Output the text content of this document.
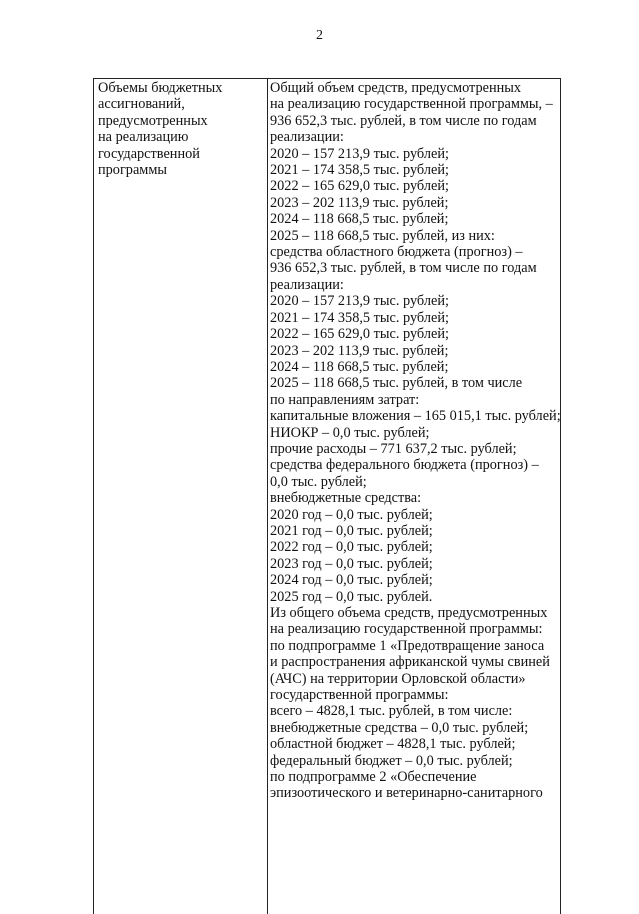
2
Объемы бюджетных
ассигнований,
предусмотренных
на реализацию
государственной
программы
Общий объем средств, предусмотренных
на реализацию государственной программы, –
936 652,3 тыс. рублей, в том числе по годам
реализации:
2020 – 157 213,9 тыс. рублей;
2021 – 174 358,5 тыс. рублей;
2022 – 165 629,0 тыс. рублей;
2023 – 202 113,9 тыс. рублей;
2024 – 118 668,5 тыс. рублей;
2025 – 118 668,5 тыс. рублей, из них:
средства областного бюджета (прогноз) –
936 652,3 тыс. рублей, в том числе по годам
реализации:
2020 – 157 213,9 тыс. рублей;
2021 – 174 358,5 тыс. рублей;
2022 – 165 629,0 тыс. рублей;
2023 – 202 113,9 тыс. рублей;
2024 – 118 668,5 тыс. рублей;
2025 – 118 668,5 тыс. рублей, в том числе
по направлениям затрат:
капитальные вложения – 165 015,1 тыс. рублей;
НИОКР – 0,0 тыс. рублей;
прочие расходы – 771 637,2 тыс. рублей;
средства федерального бюджета (прогноз) –
0,0 тыс. рублей;
внебюджетные средства:
2020 год – 0,0 тыс. рублей;
2021 год – 0,0 тыс. рублей;
2022 год – 0,0 тыс. рублей;
2023 год – 0,0 тыс. рублей;
2024 год – 0,0 тыс. рублей;
2025 год – 0,0 тыс. рублей.
Из общего объема средств, предусмотренных
на реализацию государственной программы:
по подпрограмме 1 «Предотвращение заноса
и распространения африканской чумы свиней
(АЧС) на территории Орловской области»
государственной программы:
всего – 4828,1 тыс. рублей, в том числе:
внебюджетные средства – 0,0 тыс. рублей;
областной бюджет – 4828,1 тыс. рублей;
федеральный бюджет – 0,0 тыс. рублей;
по подпрограмме 2 «Обеспечение
эпизоотического и ветеринарно-санитарного
